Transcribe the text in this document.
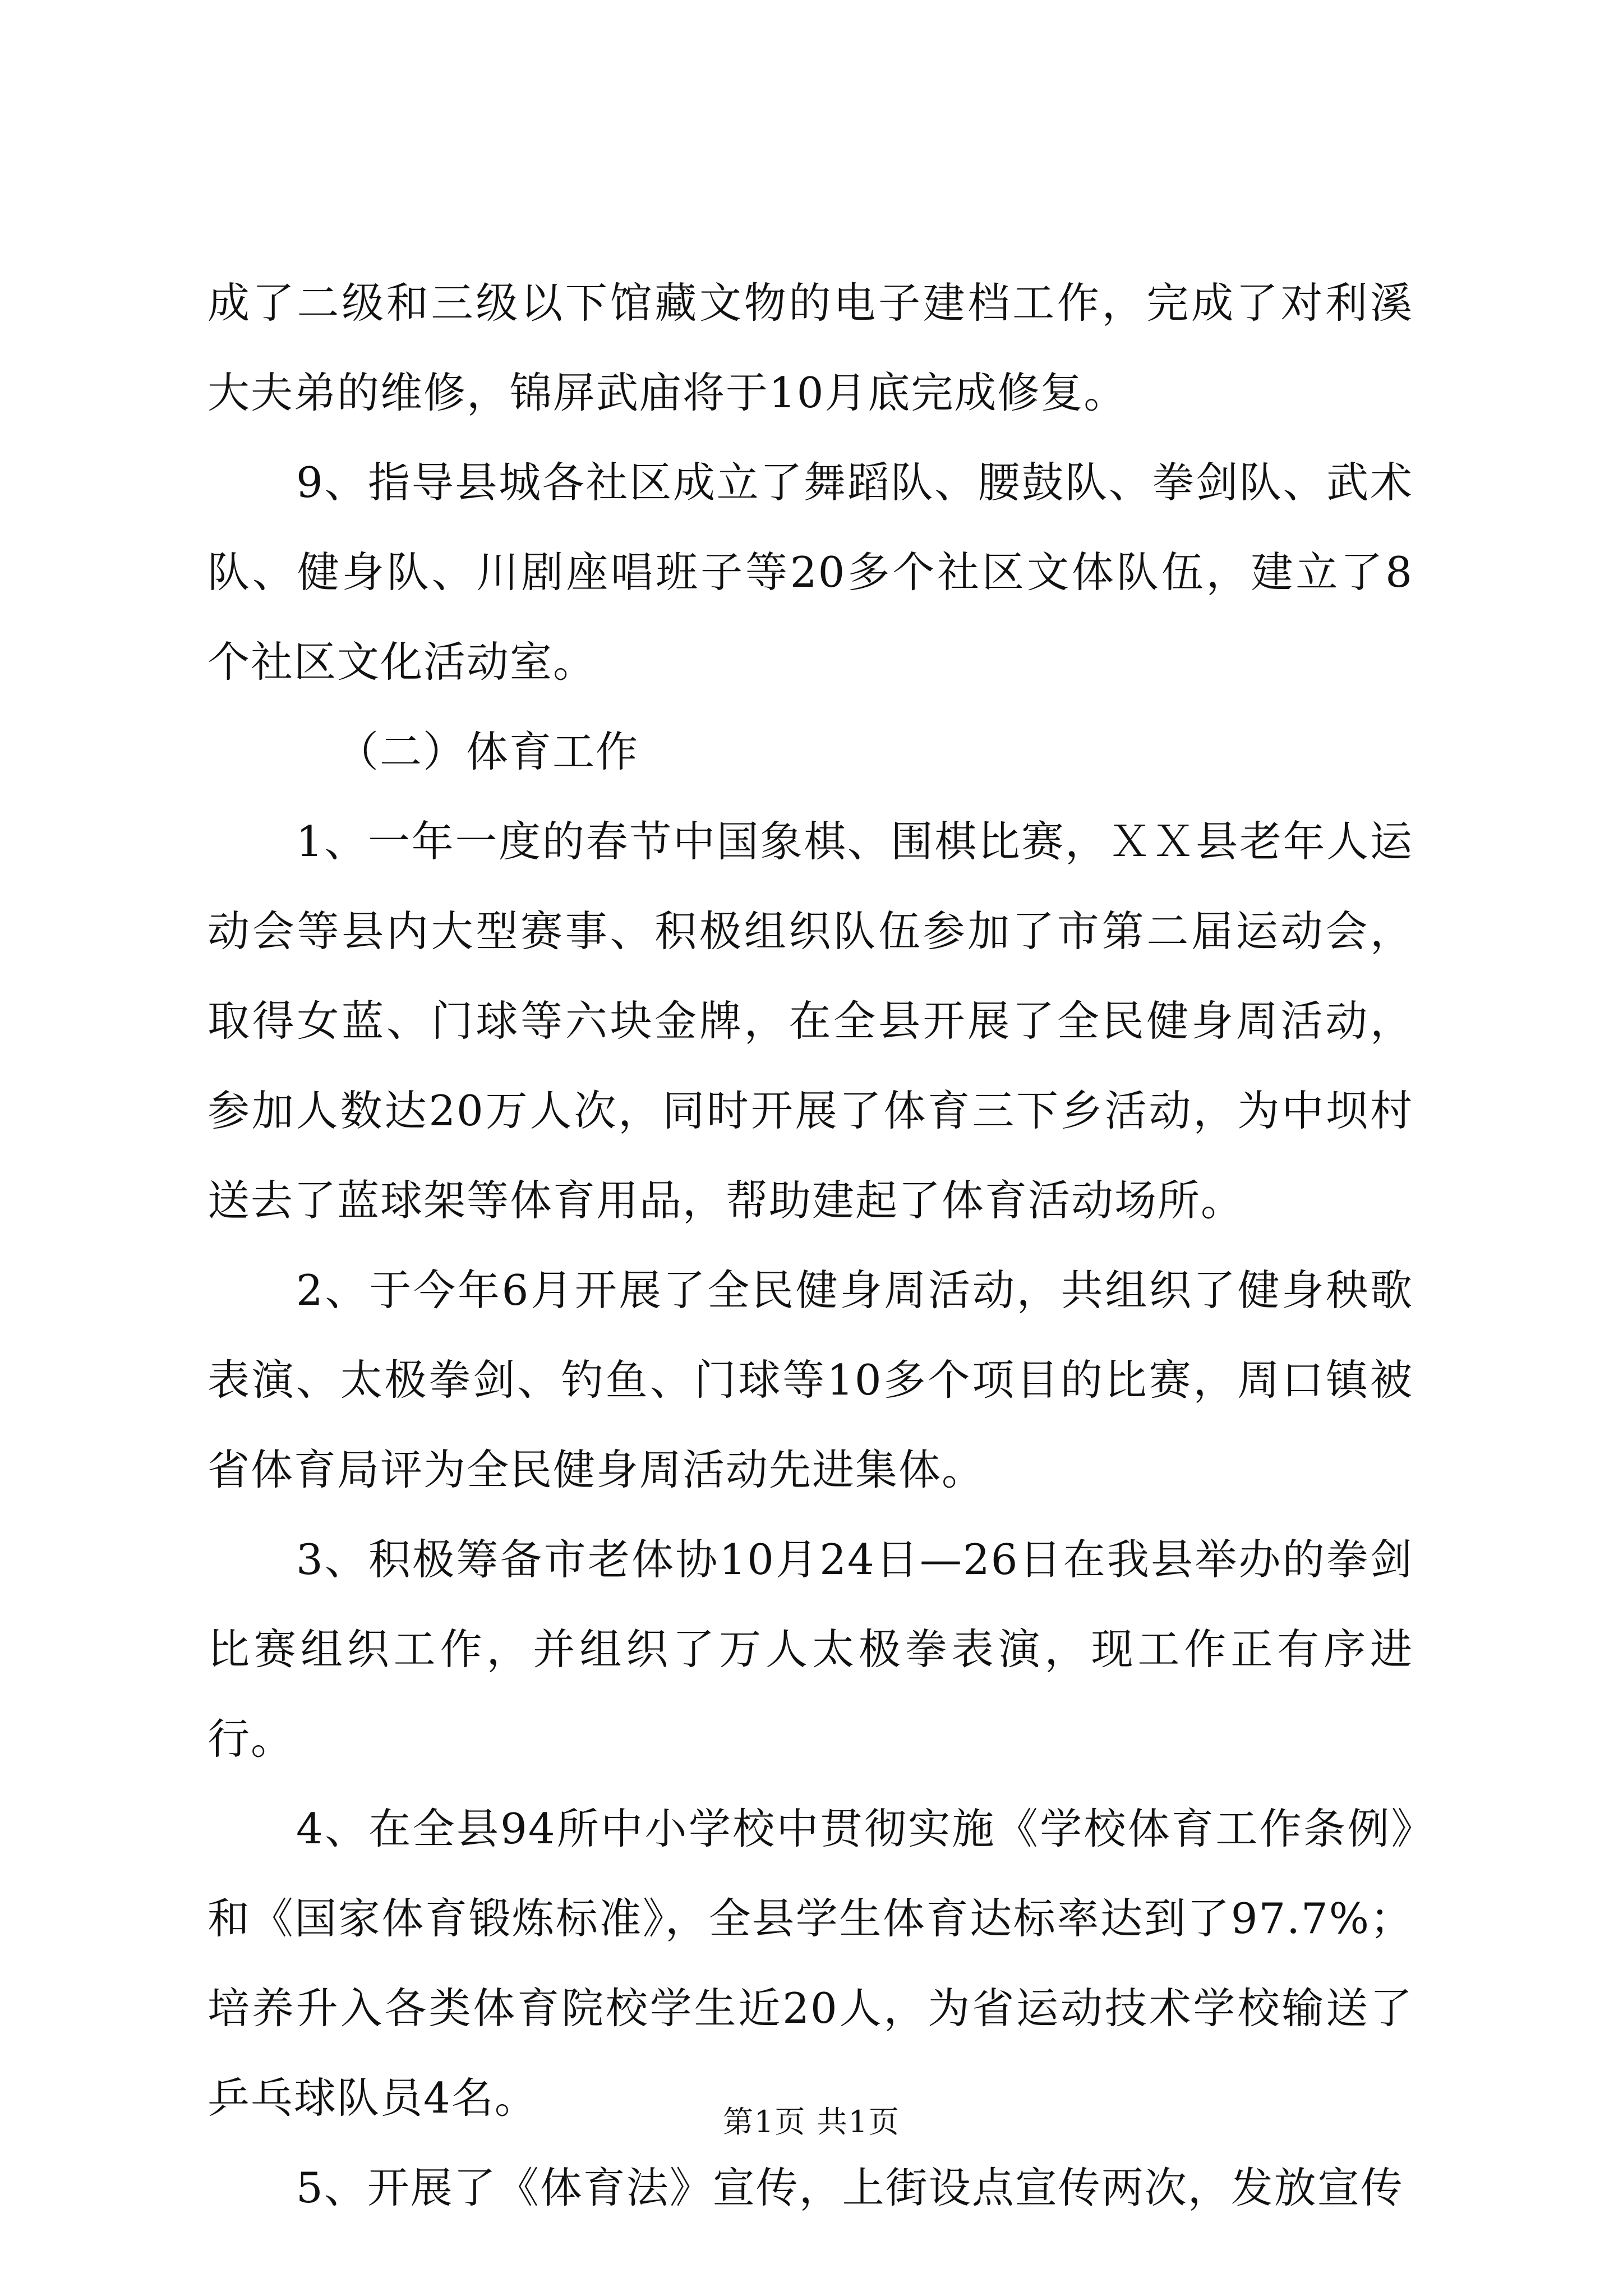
成了二级和三级以下馆藏文物的电子建档工作，完成了对利溪大夫弟的维修，锦屏武庙将于10月底完成修复。

9、指导县城各社区成立了舞蹈队、腰鼓队、拳剑队、武术队、健身队、川剧座唱班子等20多个社区文体队伍，建立了8个社区文化活动室。

（二）体育工作

1、一年一度的春节中国象棋、围棋比赛，ＸＸ县老年人运动会等县内大型赛事、积极组织队伍参加了市第二届运动会，取得女蓝、门球等六块金牌，在全县开展了全民健身周活动，参加人数达20万人次，同时开展了体育三下乡活动，为中坝村送去了蓝球架等体育用品，帮助建起了体育活动场所。

2、于今年6月开展了全民健身周活动，共组织了健身秧歌表演、太极拳剑、钓鱼、门球等10多个项目的比赛，周口镇被省体育局评为全民健身周活动先进集体。

3、积极筹备市老体协10月24日—26日在我县举办的拳剑比赛组织工作，并组织了万人太极拳表演，现工作正有序进行。

4、在全县94所中小学校中贯彻实施《学校体育工作条例》和《国家体育锻炼标准》，全县学生体育达标率达到了97.7%；培养升入各类体育院校学生近20人，为省运动技术学校输送了乒乓球队员4名。

5、开展了《体育法》宣传，上街设点宣传两次，发放宣传

第1页 共1页
